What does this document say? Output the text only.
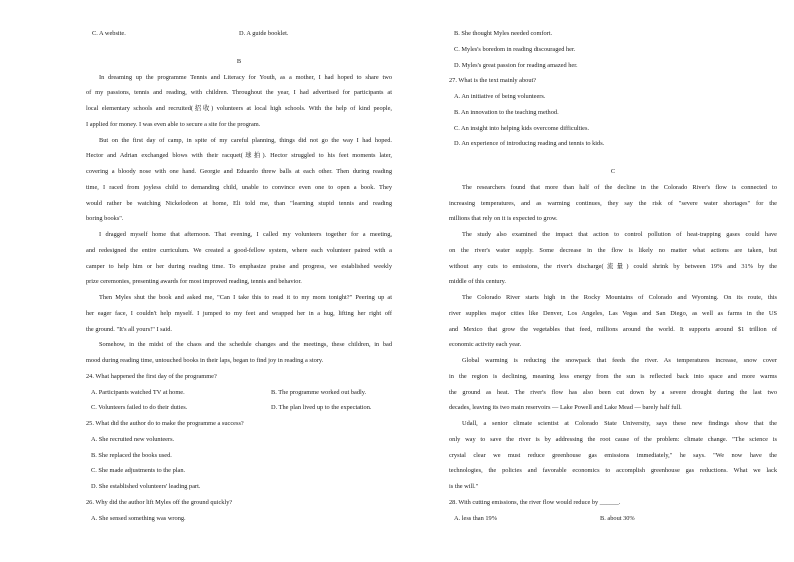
C. A website.	D. A guide booklet.

B

In dreaming up the programme Tennis and Literacy for Youth, as a mother, I had hoped to share two

of my passions, tennis and reading, with children. Throughout the year, I had advertised for participants at

local elementary schools and recruited(招收) volunteers at local high schools. With the help of kind people,

I applied for money. I was even able to secure a site for the program.

But on the first day of camp, in spite of my careful planning, things did not go the way I had hoped.

Hector and Adrian exchanged blows with their racquet(球拍). Hector struggled to his feet moments later,

covering a bloody nose with one hand. Georgie and Eduardo threw balls at each other. Then during reading

time, I raced from joyless child to demanding child, unable to convince even one to open a book. They

would rather be watching Nickelodeon at home, Eli told me, than "learning stupid tennis and reading

boring books".

I dragged myself home that afternoon. That evening, I called my volunteers together for a meeting,

and redesigned the entire curriculum. We created a good-fellow system, where each volunteer paired with a

camper to help him or her during reading time. To emphasize praise and progress, we established weekly

prize ceremonies, presenting awards for most improved reading, tennis and behavior.

Then Myles shut the book and asked me, "Can I take this to read it to my mom tonight?" Peering up at

her eager face, I couldn't help myself. I jumped to my feet and wrapped her in a hug, lifting her right off

the ground. "It's all yours!" I said.

Somehow, in the midst of the chaos and the schedule changes and the meetings, these children, in bad

mood during reading time, untouched books in their laps, began to find joy in reading a story.

24. What happened the first day of the programme?

A. Participants watched TV at home.	B. The programme worked out badly.
C. Volunteers failed to do their duties.	D. The plan lived up to the expectation.

25. What did the author do to make the programme a success?

A. She recruited new volunteers.

B. She replaced the books used.

C. She made adjustments to the plan.

D. She established volunteers' leading part.

26. Why did the author lift Myles off the ground quickly?

A. She sensed something was wrong.

B. She thought Myles needed comfort.

C. Myles's boredom in reading discouraged her.

D. Myles's great passion for reading amazed her.

27. What is the text mainly about?

A. An initiative of being volunteers.

B. An innovation to the teaching method.

C. An insight into helping kids overcome difficulties.

D. An experience of introducing reading and tennis to kids.

C

The researchers found that more than half of the decline in the Colorado River's flow is connected to

increasing temperatures, and as warming continues, they say the risk of "severe water shortages" for the

millions that rely on it is expected to grow.

The study also examined the impact that action to control pollution of heat-trapping gases could have

on the river's water supply. Some decrease in the flow is likely no matter what actions are taken, but

without any cuts to emissions, the river's discharge(流量) could shrink by between 19% and 31% by the

middle of this century.

The Colorado River starts high in the Rocky Mountains of Colorado and Wyoming. On its route, this

river supplies major cities like Denver, Los Angeles, Las Vegas and San Diego, as well as farms in the US

and Mexico that grow the vegetables that feed, millions around the world. It supports around $1 trillion of

economic activity each year.

Global warming is reducing the snowpack that feeds the river. As temperatures increase, snow cover

in the region is declining, meaning less energy from the sun is reflected back into space and more warms

the ground as heat. The river's flow has also been cut down by a severe drought during the last two

decades, leaving its two main reservoirs — Lake Powell and Lake Mead — barely half full.

Udall, a senior climate scientist at Colorado State University, says these new findings show that the

only way to save the river is by addressing the root cause of the problem: climate change. "The science is

crystal clear we must reduce greenhouse gas emissions immediately," he says. "We now have the

technologies, the policies and favorable economics to accomplish greenhouse gas reductions. What we lack

is the will."

28. With cutting emissions, the river flow would reduce by ______.

A. less than 19%	B. about 30%
